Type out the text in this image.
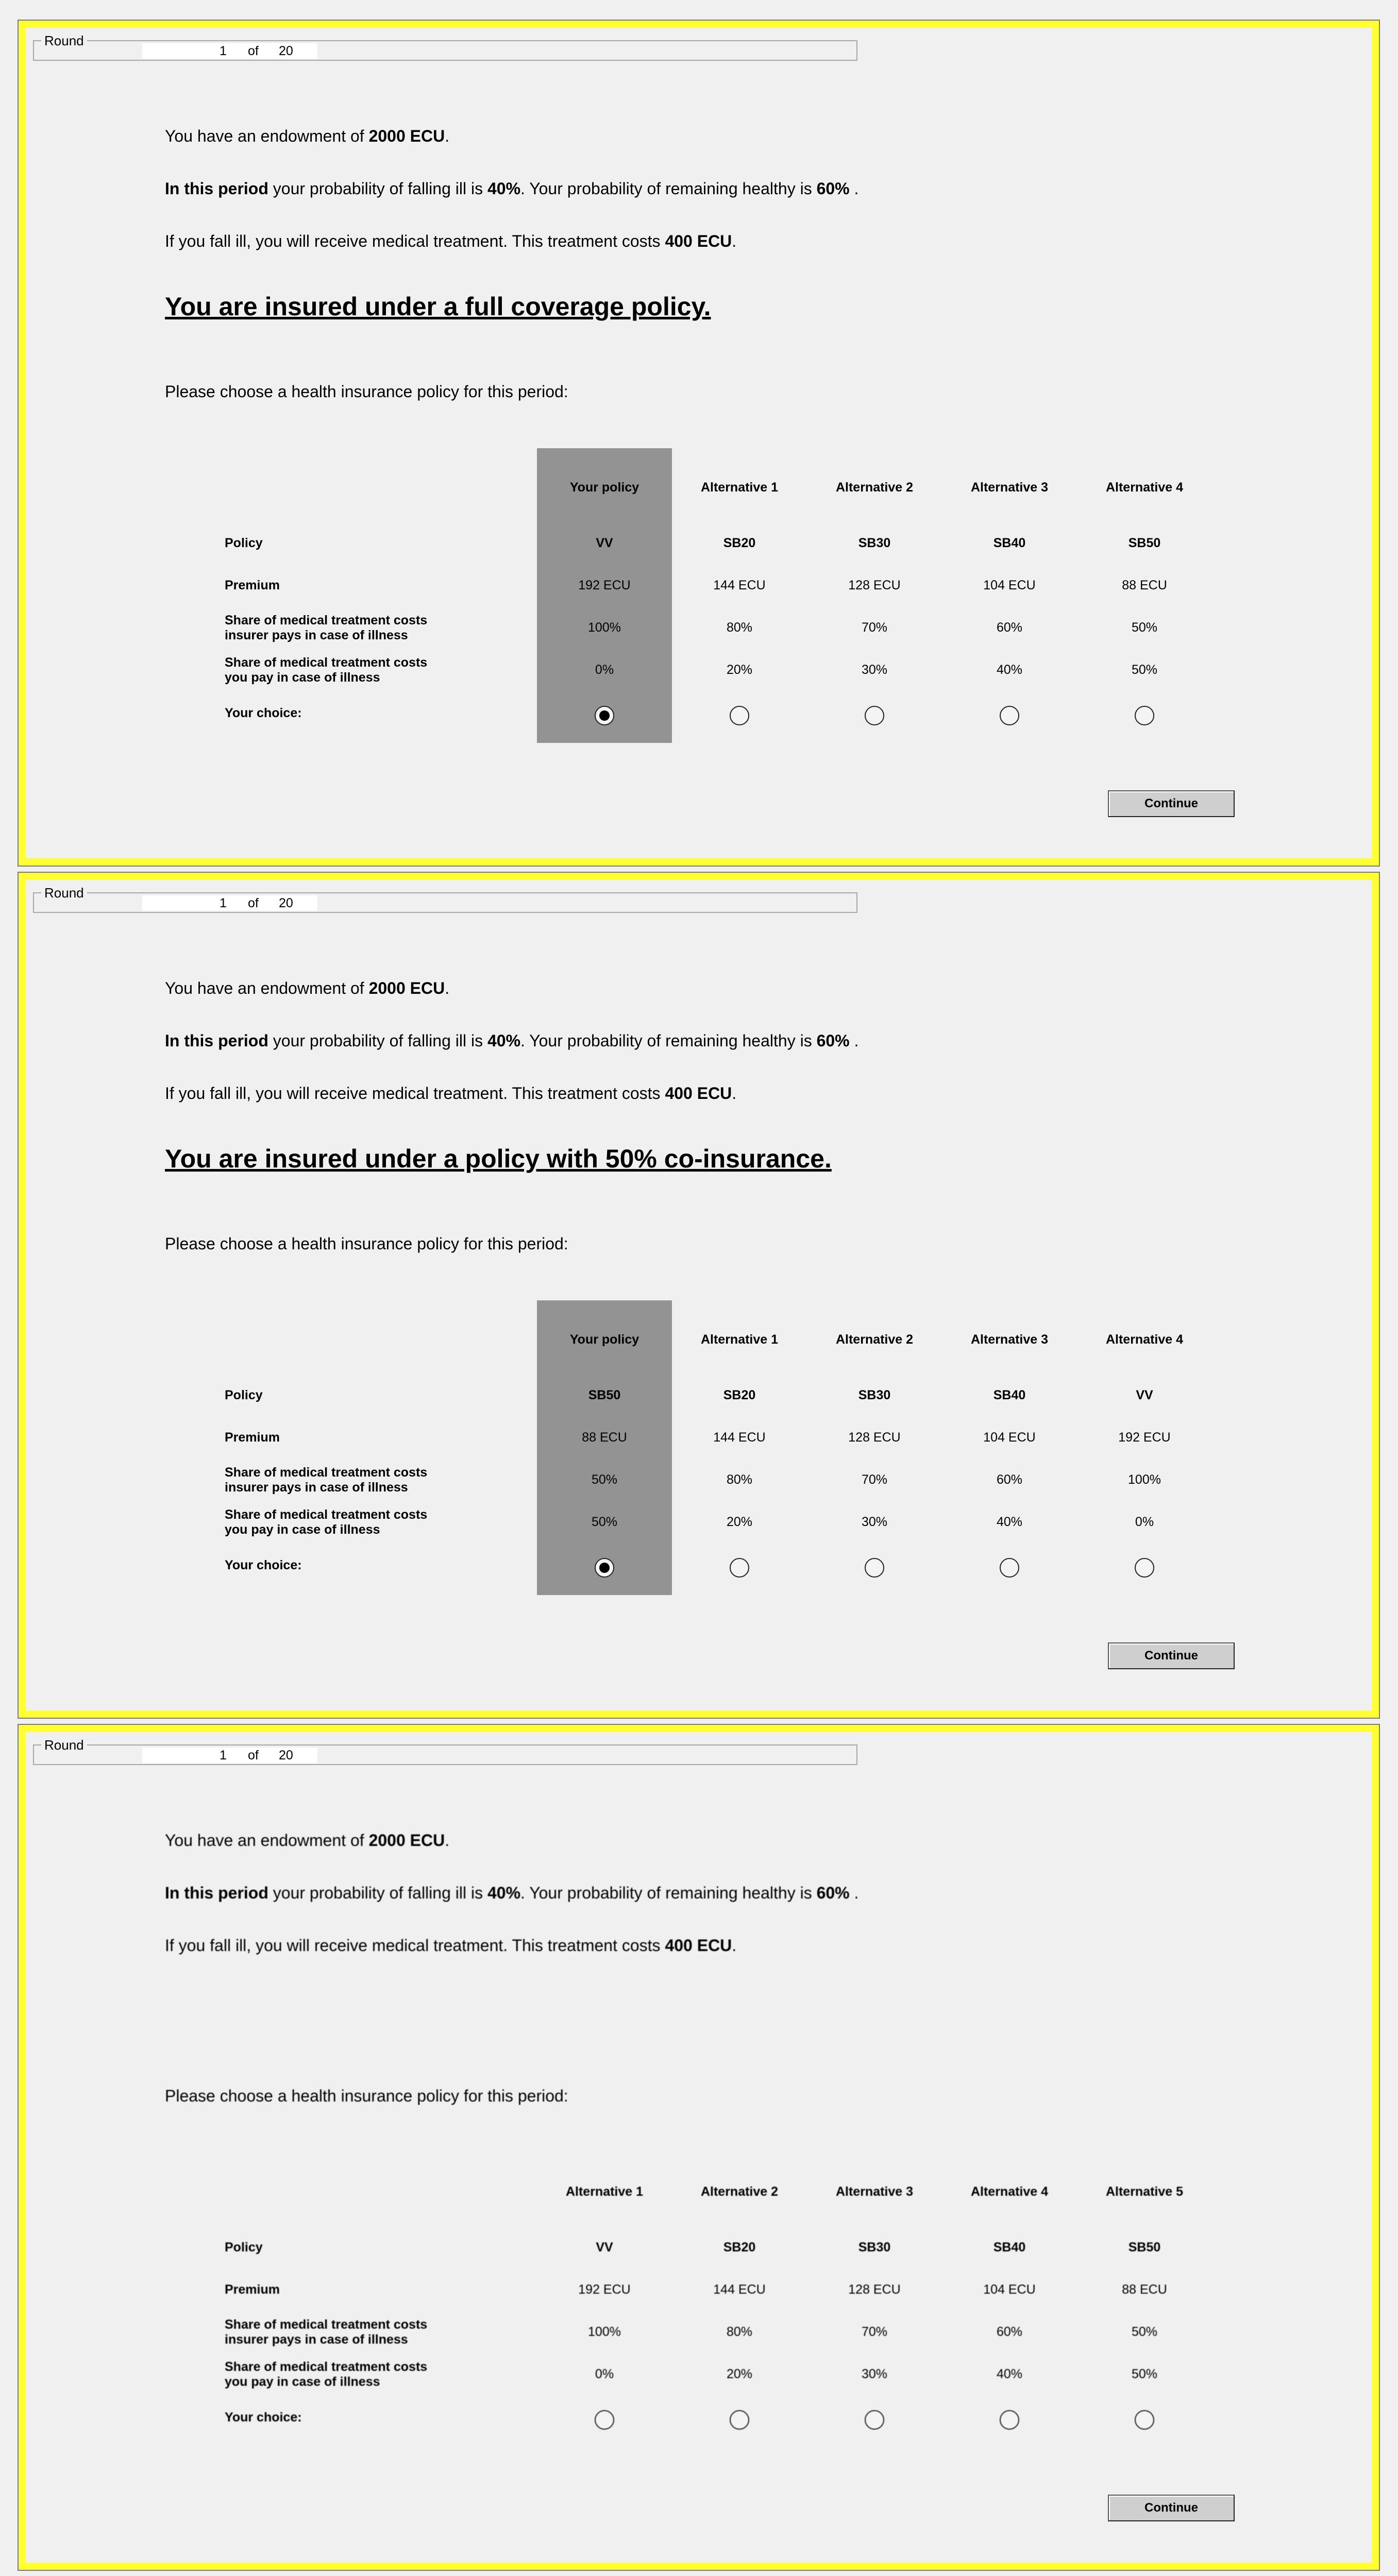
Round
1 of 20
You have an endowment of 2000 ECU.
In this period your probability of falling ill is 40%. Your probability of remaining healthy is 60% .
If you fall ill, you will receive medical treatment. This treatment costs 400 ECU.
You are insured under a full coverage policy.
Please choose a health insurance policy for this period:
Policy
Premium
Share of medical treatment costs
insurer pays in case of illness
Share of medical treatment costs
you pay in case of illness
Your choice:
Your policy
VV
192 ECU
100%
0%
Alternative 1
SB20
144 ECU
80%
20%
Alternative 2
SB30
128 ECU
70%
30%
Alternative 3
SB40
104 ECU
60%
40%
Alternative 4
SB50
88 ECU
50%
50%
Continue
Round
1 of 20
You have an endowment of 2000 ECU.
In this period your probability of falling ill is 40%. Your probability of remaining healthy is 60% .
If you fall ill, you will receive medical treatment. This treatment costs 400 ECU.
You are insured under a policy with 50% co-insurance.
Please choose a health insurance policy for this period:
Policy
Premium
Share of medical treatment costs
insurer pays in case of illness
Share of medical treatment costs
you pay in case of illness
Your choice:
Your policy
SB50
88 ECU
50%
50%
Alternative 1
SB20
144 ECU
80%
20%
Alternative 2
SB30
128 ECU
70%
30%
Alternative 3
SB40
104 ECU
60%
40%
Alternative 4
VV
192 ECU
100%
0%
Continue
Round
1 of 20
You have an endowment of 2000 ECU.
In this period your probability of falling ill is 40%. Your probability of remaining healthy is 60% .
If you fall ill, you will receive medical treatment. This treatment costs 400 ECU.
Please choose a health insurance policy for this period:
Policy
Premium
Share of medical treatment costs
insurer pays in case of illness
Share of medical treatment costs
you pay in case of illness
Your choice:
Alternative 1
VV
192 ECU
100%
0%
Alternative 2
SB20
144 ECU
80%
20%
Alternative 3
SB30
128 ECU
70%
30%
Alternative 4
SB40
104 ECU
60%
40%
Alternative 5
SB50
88 ECU
50%
50%
Continue
